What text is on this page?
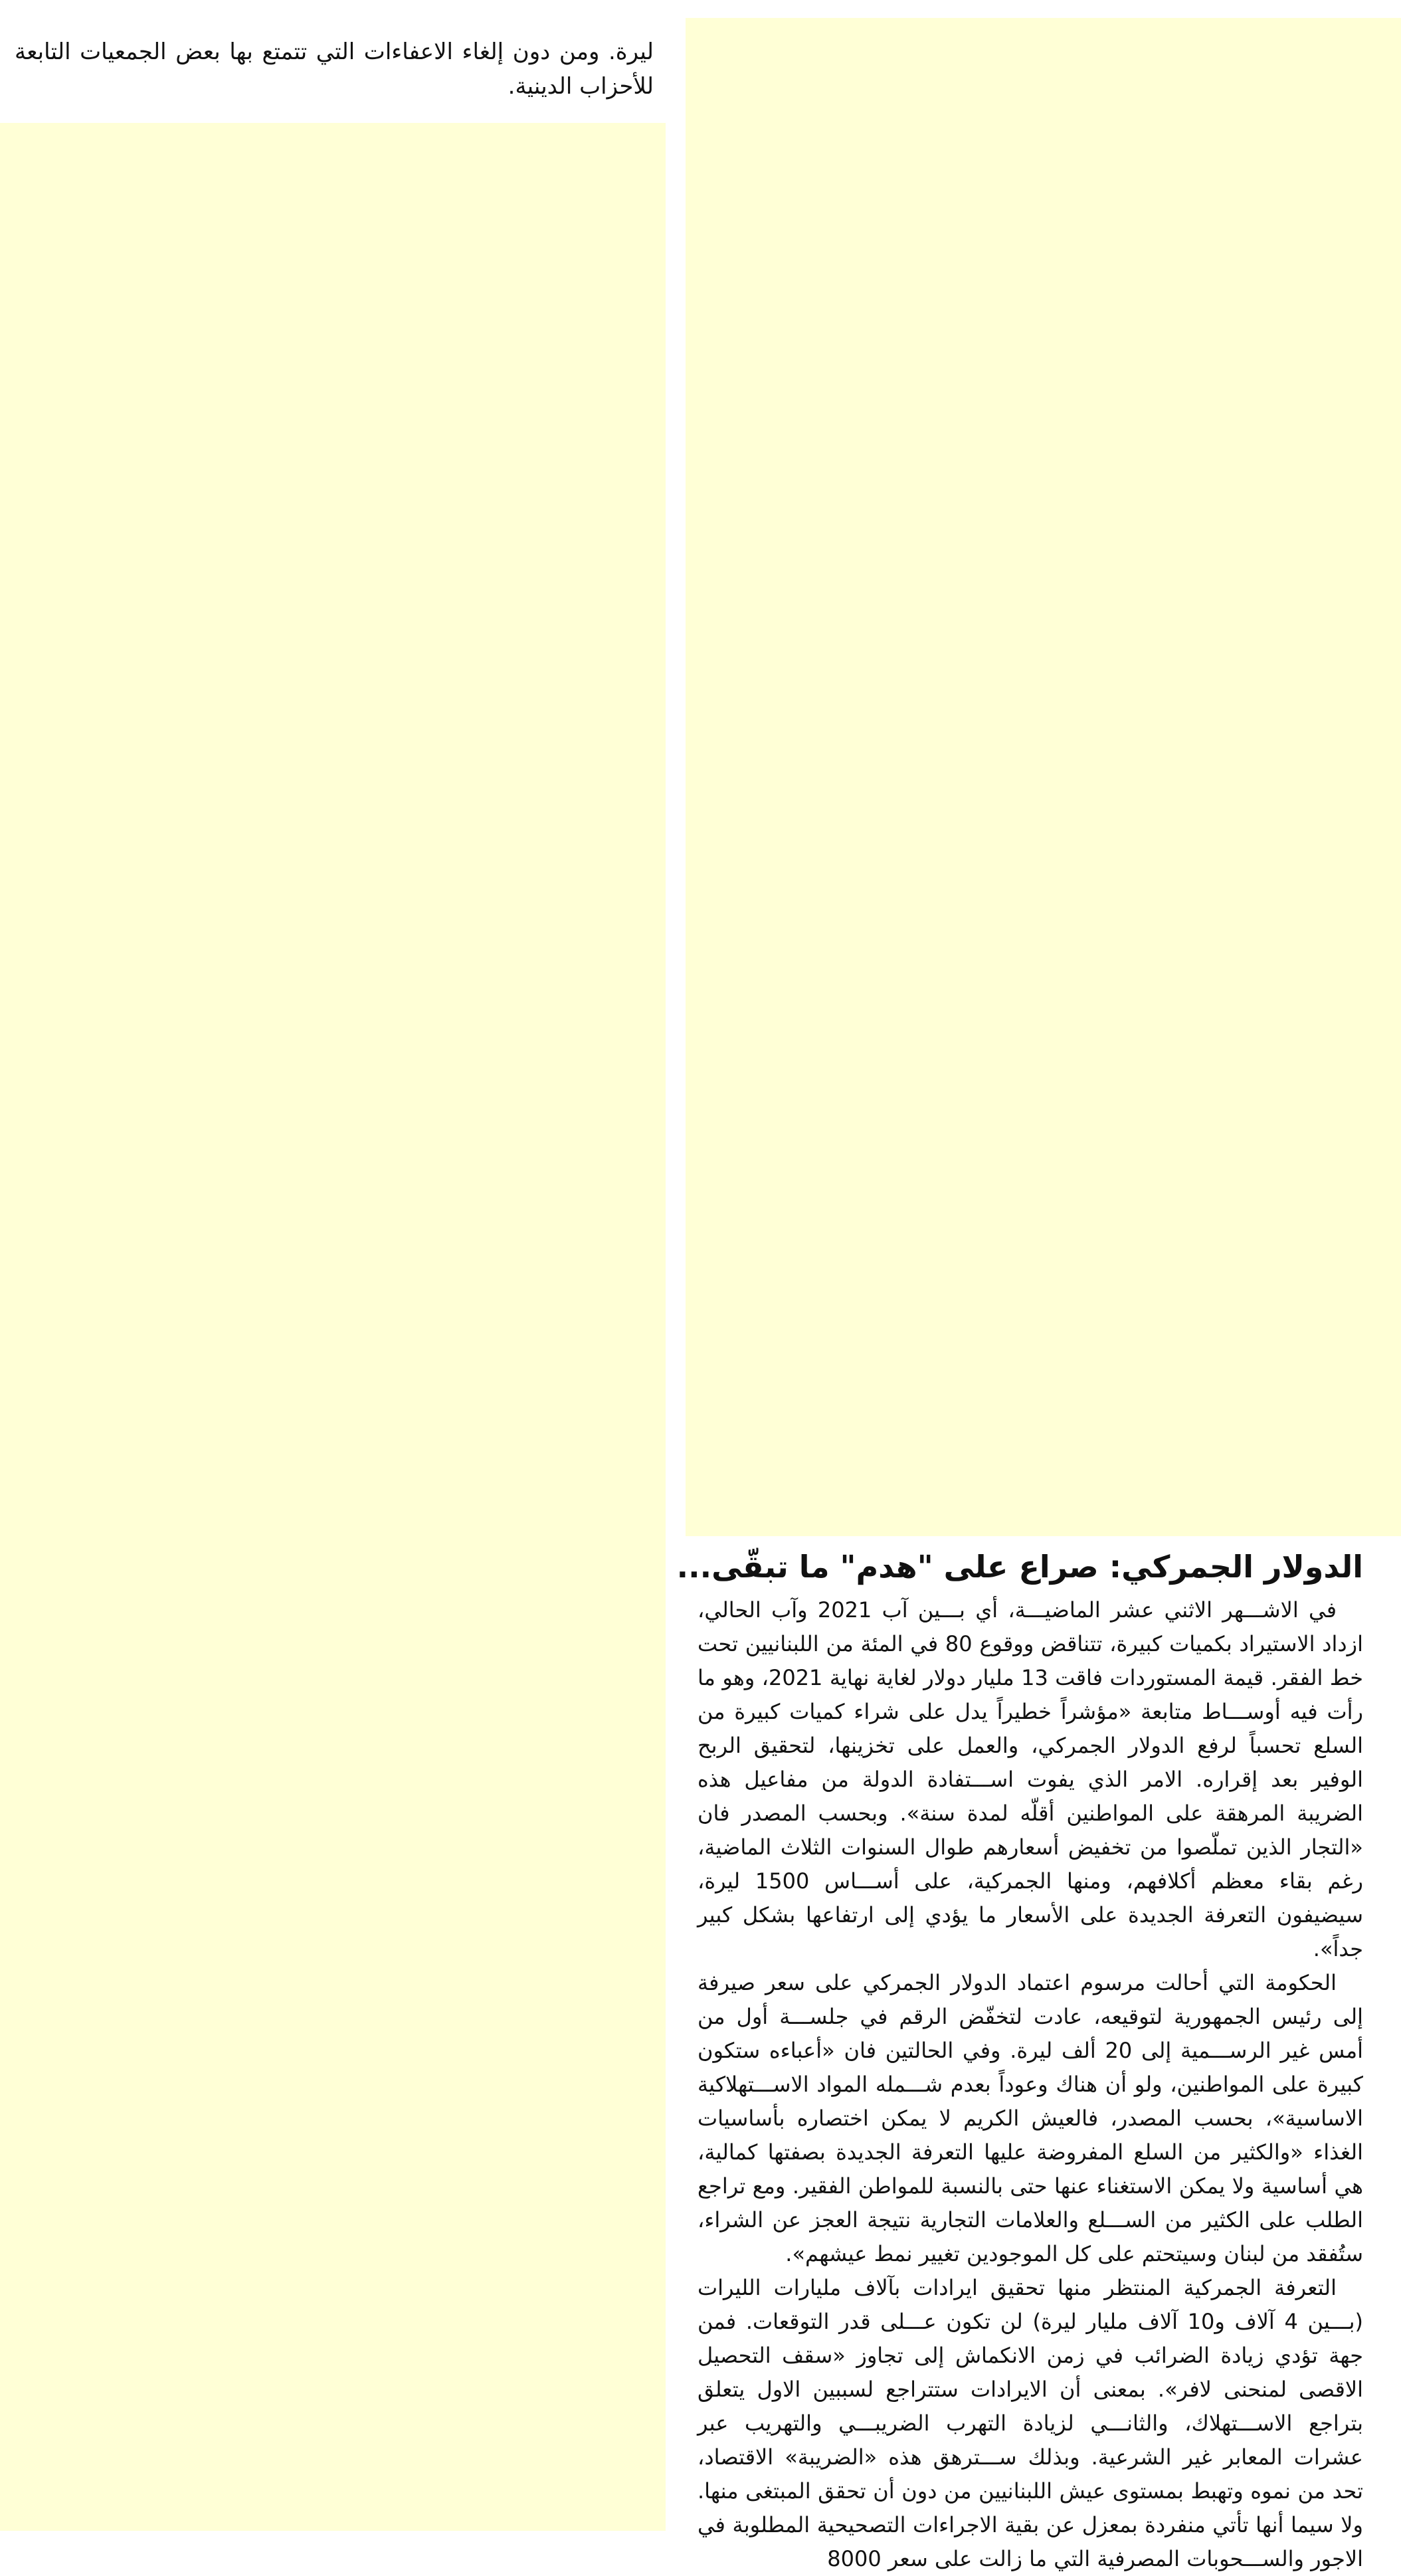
ليرة. ومن دون إلغاء الاعفاءات التي تتمتع بها بعض الجمعيات التابعة للأحزاب الدينية.

الدولار الجمركي: صراع على "هدم" ما تبقّى...

في الاشـــهر الاثني عشر الماضيـــة، أي بـــين آب 2021 وآب الحالي، ازداد الاستيراد بكميات كبيرة، تتناقض ووقوع 80 في المئة من اللبنانيين تحت خط الفقر. قيمة المستوردات فاقت 13 مليار دولار لغاية نهاية 2021، وهو ما رأت فيه أوســـاط متابعة «مؤشراً خطيراً يدل على شراء كميات كبيرة من السلع تحسباً لرفع الدولار الجمركي، والعمل على تخزينها، لتحقيق الربح الوفير بعد إقراره. الامر الذي يفوت اســـتفادة الدولة من مفاعيل هذه الضريبة المرهقة على المواطنين أقلّه لمدة سنة». وبحسب المصدر فان «التجار الذين تملّصوا من تخفيض أسعارهم طوال السنوات الثلاث الماضية، رغم بقاء معظم أكلافهم، ومنها الجمركية، على أســـاس 1500 ليرة، سيضيفون التعرفة الجديدة على الأسعار ما يؤدي إلى ارتفاعها بشكل كبير جداً».

الحكومة التي أحالت مرسوم اعتماد الدولار الجمركي على سعر صيرفة إلى رئيس الجمهورية لتوقيعه، عادت لتخفّض الرقم في جلســـة أول من أمس غير الرســـمية إلى 20 ألف ليرة. وفي الحالتين فان «أعباءه ستكون كبيرة على المواطنين، ولو أن هناك وعوداً بعدم شـــمله المواد الاســـتهلاكية الاساسية»، بحسب المصدر، فالعيش الكريم لا يمكن اختصاره بأساسيات الغذاء «والكثير من السلع المفروضة عليها التعرفة الجديدة بصفتها كمالية، هي أساسية ولا يمكن الاستغناء عنها حتى بالنسبة للمواطن الفقير. ومع تراجع الطلب على الكثير من الســـلع والعلامات التجارية نتيجة العجز عن الشراء، ستُفقد من لبنان وسيتحتم على كل الموجودين تغيير نمط عيشهم».

التعرفة الجمركية المنتظر منها تحقيق ايرادات بآلاف مليارات الليرات (بـــين 4 آلاف و10 آلاف مليار ليرة) لن تكون عـــلى قدر التوقعات. فمن جهة تؤدي زيادة الضرائب في زمن الانكماش إلى تجاوز «سقف التحصيل الاقصى لمنحنى لافر». بمعنى أن الايرادات ستتراجع لسببين الاول يتعلق بتراجع الاســـتهلاك، والثانـــي لزيادة التهرب الضريبـــي والتهريب عبر عشرات المعابر غير الشرعية. وبذلك ســـترهق هذه «الضريبة» الاقتصاد، تحد من نموه وتهبط بمستوى عيش اللبنانيين من دون أن تحقق المبتغى منها. ولا سيما أنها تأتي منفردة بمعزل عن بقية الاجراءات التصحيحية المطلوبة في الاجور والســـحوبات المصرفية التي ما زالت على سعر 8000
